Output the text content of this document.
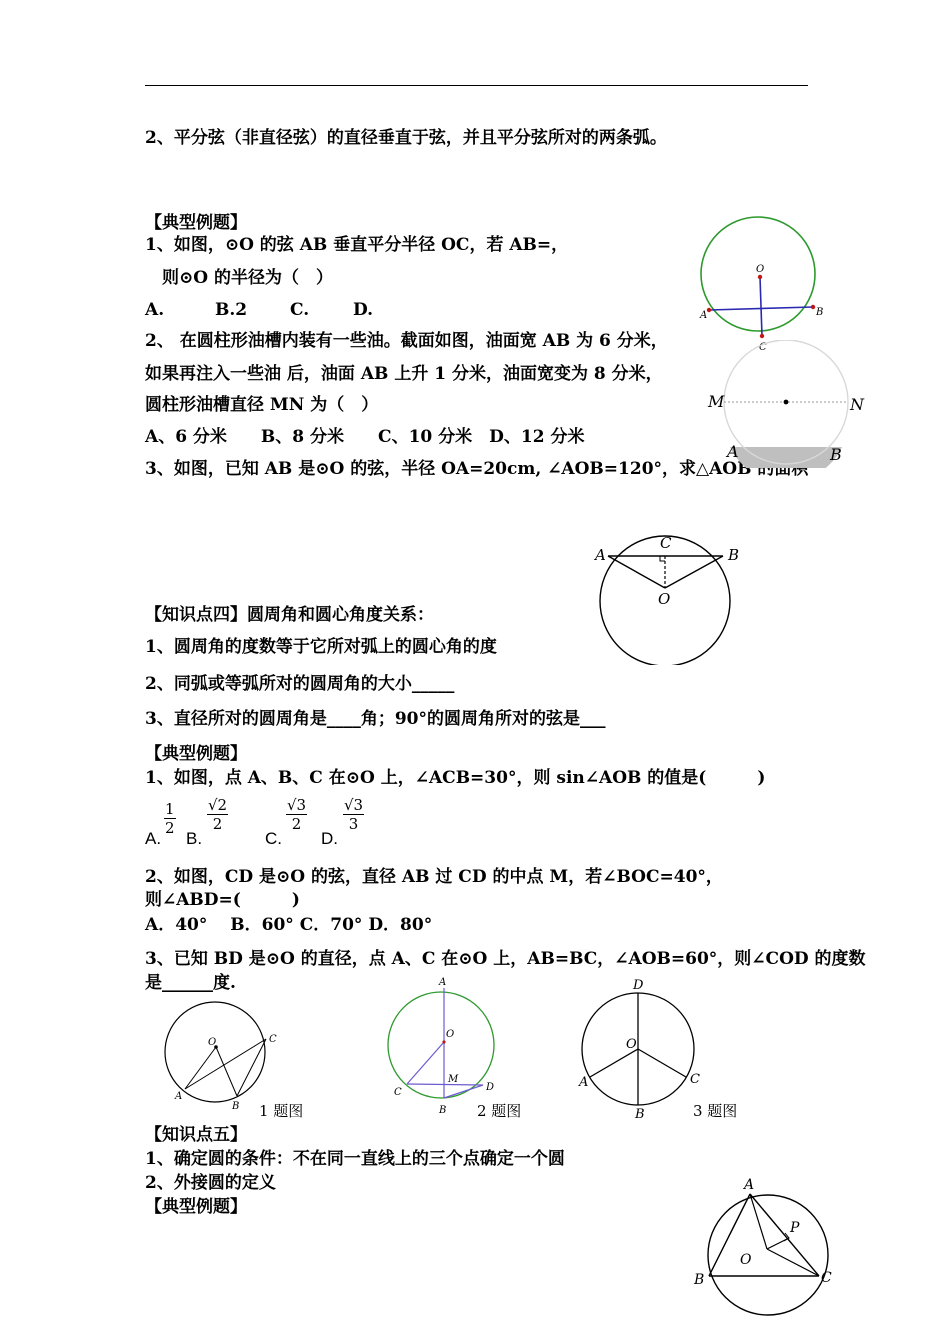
2、平分弦（非直径弦）的直径垂直于弦，并且平分弦所对的两条弧。
【典型例题】
1、如图，⊙O 的弦 AB 垂直平分半径 OC，若 AB=，
则⊙O 的半径为（　）
A.	B.2	C.	D.
2、 在圆柱形油槽内装有一些油。截面如图，油面宽 AB 为 6 分米，
如果再注入一些油 后，油面 AB 上升 1 分米，油面宽变为 8 分米，
圆柱形油槽直径 MN 为（　）
A、6 分米　　B、8 分米　　C、10 分米　D、12 分米
3、如图，已知 AB 是⊙O 的弦，半径 OA=20cm, ∠AOB=120°，求△AOB 的面积
O
A	B
C
M	N
A	B
A	B
C
O
【知识点四】圆周角和圆心角度关系：
1、圆周角的度数等于它所对弧上的圆心角的度
2、同弧或等弧所对的圆周角的大小_____
3、直径所对的圆周角是____角；90°的圆周角所对的弦是___
【典型例题】
1、如图，点 A、B、C 在⊙O 上，∠ACB=30°，则 sin∠AOB 的值是(　　　)
A.
$\frac{1}{2}$
B.
$\frac{√2}{2}$
C.
$\frac{√3}{2}$
D.
$\frac{√3}{3}$
2、如图，CD 是⊙O 的弦，直径 AB 过 CD 的中点 M，若∠BOC=40°，
则∠ABD=(　　　)
A．40°　 B．60° C．70° D．80°
3、已知 BD 是⊙O 的直径，点 A、C 在⊙O 上，AB=BC，∠AOB=60°，则∠COD 的度数
是______度.
O
A
B
C
1 题图
A
O
M
C	D
B 2 题图
D
O
A	C
B	3 题图
【知识点五】
1、确定圆的条件：不在同一直线上的三个点确定一个圆
2、外接圆的定义
【典型例题】
A
B	C
O
P
